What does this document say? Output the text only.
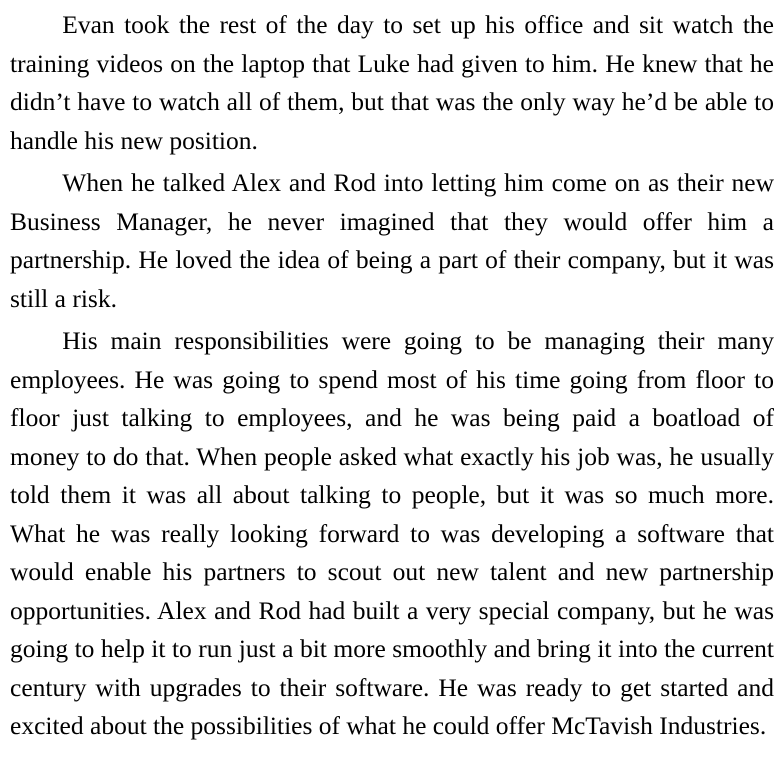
Evan took the rest of the day to set up his office and sit watch the training videos on the laptop that Luke had given to him. He knew that he didn’t have to watch all of them, but that was the only way he’d be able to handle his new position.

When he talked Alex and Rod into letting him come on as their new Business Manager, he never imagined that they would offer him a partnership. He loved the idea of being a part of their company, but it was still a risk.

His main responsibilities were going to be managing their many employees. He was going to spend most of his time going from floor to floor just talking to employees, and he was being paid a boatload of money to do that. When people asked what exactly his job was, he usually told them it was all about talking to people, but it was so much more. What he was really looking forward to was developing a software that would enable his partners to scout out new talent and new partnership opportunities. Alex and Rod had built a very special company, but he was going to help it to run just a bit more smoothly and bring it into the current century with upgrades to their software. He was ready to get started and excited about the possibilities of what he could offer McTavish Industries.
